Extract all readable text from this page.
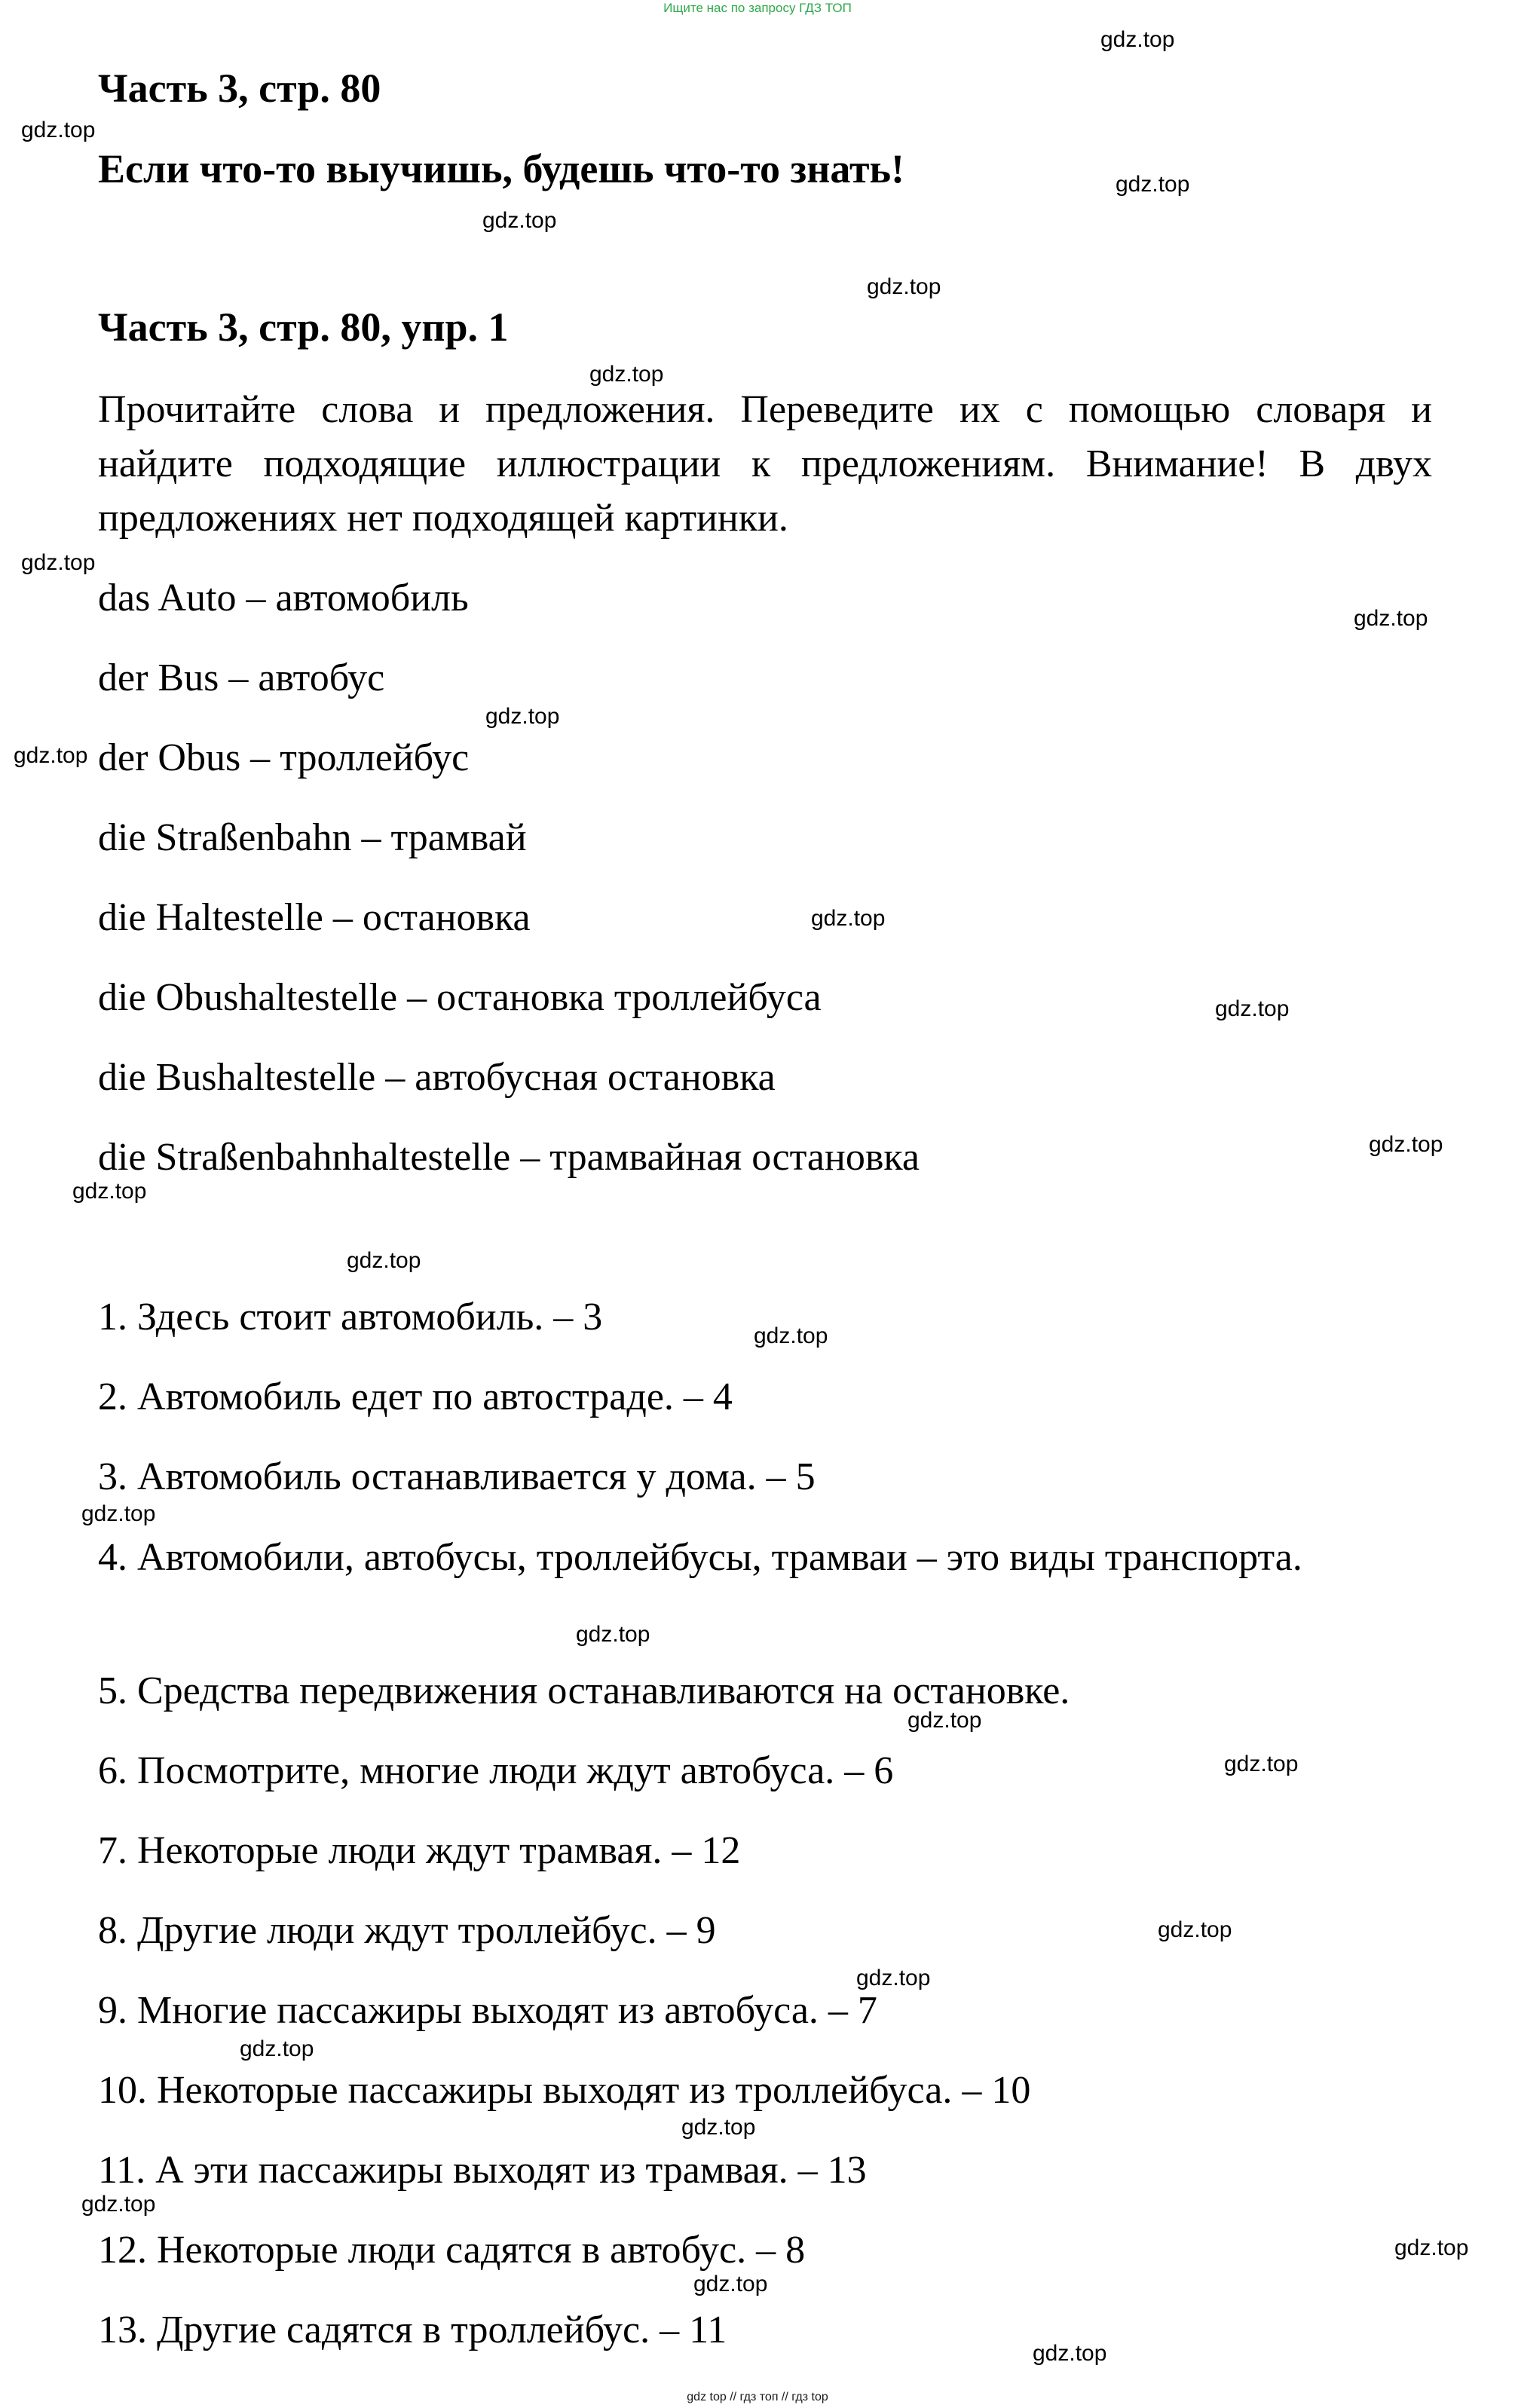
Ищите нас по запросу ГДЗ ТОП
Часть 3, стр. 80
Если что-то выучишь, будешь что-то знать!
Часть 3, стр. 80, упр. 1

Прочитайте слова и предложения. Переведите их с помощью словаря и найдите подходящие иллюстрации к предложениям. Внимание! В двух предложениях нет подходящей картинки.

das Auto – автомобиль
der Bus – автобус
der Obus – троллейбус
die Straßenbahn – трамвай
die Haltestelle – остановка
die Obushaltestelle – остановка троллейбуса
die Bushaltestelle – автобусная остановка
die Straßenbahnhaltestelle – трамвайная остановка
1. Здесь стоит автомобиль. – 3
2. Автомобиль едет по автостраде. – 4
3. Автомобиль останавливается у дома. – 5

4. Автомобили, автобусы, троллейбусы, трамваи – это виды транспорта.

5. Средства передвижения останавливаются на остановке.
6. Посмотрите, многие люди ждут автобуса. – 6
7. Некоторые люди ждут трамвая. – 12
8. Другие люди ждут троллейбус. – 9
9. Многие пассажиры выходят из автобуса. – 7
10. Некоторые пассажиры выходят из троллейбуса. – 10
11. А эти пассажиры выходят из трамвая. – 13
12. Некоторые люди садятся в автобус. – 8
13. Другие садятся в троллейбус. – 11
gdz.top
gdz.top
gdz.top
gdz.top
gdz.top
gdz.top
gdz.top
gdz.top
gdz.top
gdz.top
gdz.top
gdz.top
gdz.top
gdz.top
gdz.top
gdz.top
gdz.top
gdz.top
gdz.top
gdz.top
gdz.top
gdz.top
gdz.top
gdz.top
gdz.top
gdz.top
gdz.top
gdz.top
gdz top // гдз топ // гдз top
